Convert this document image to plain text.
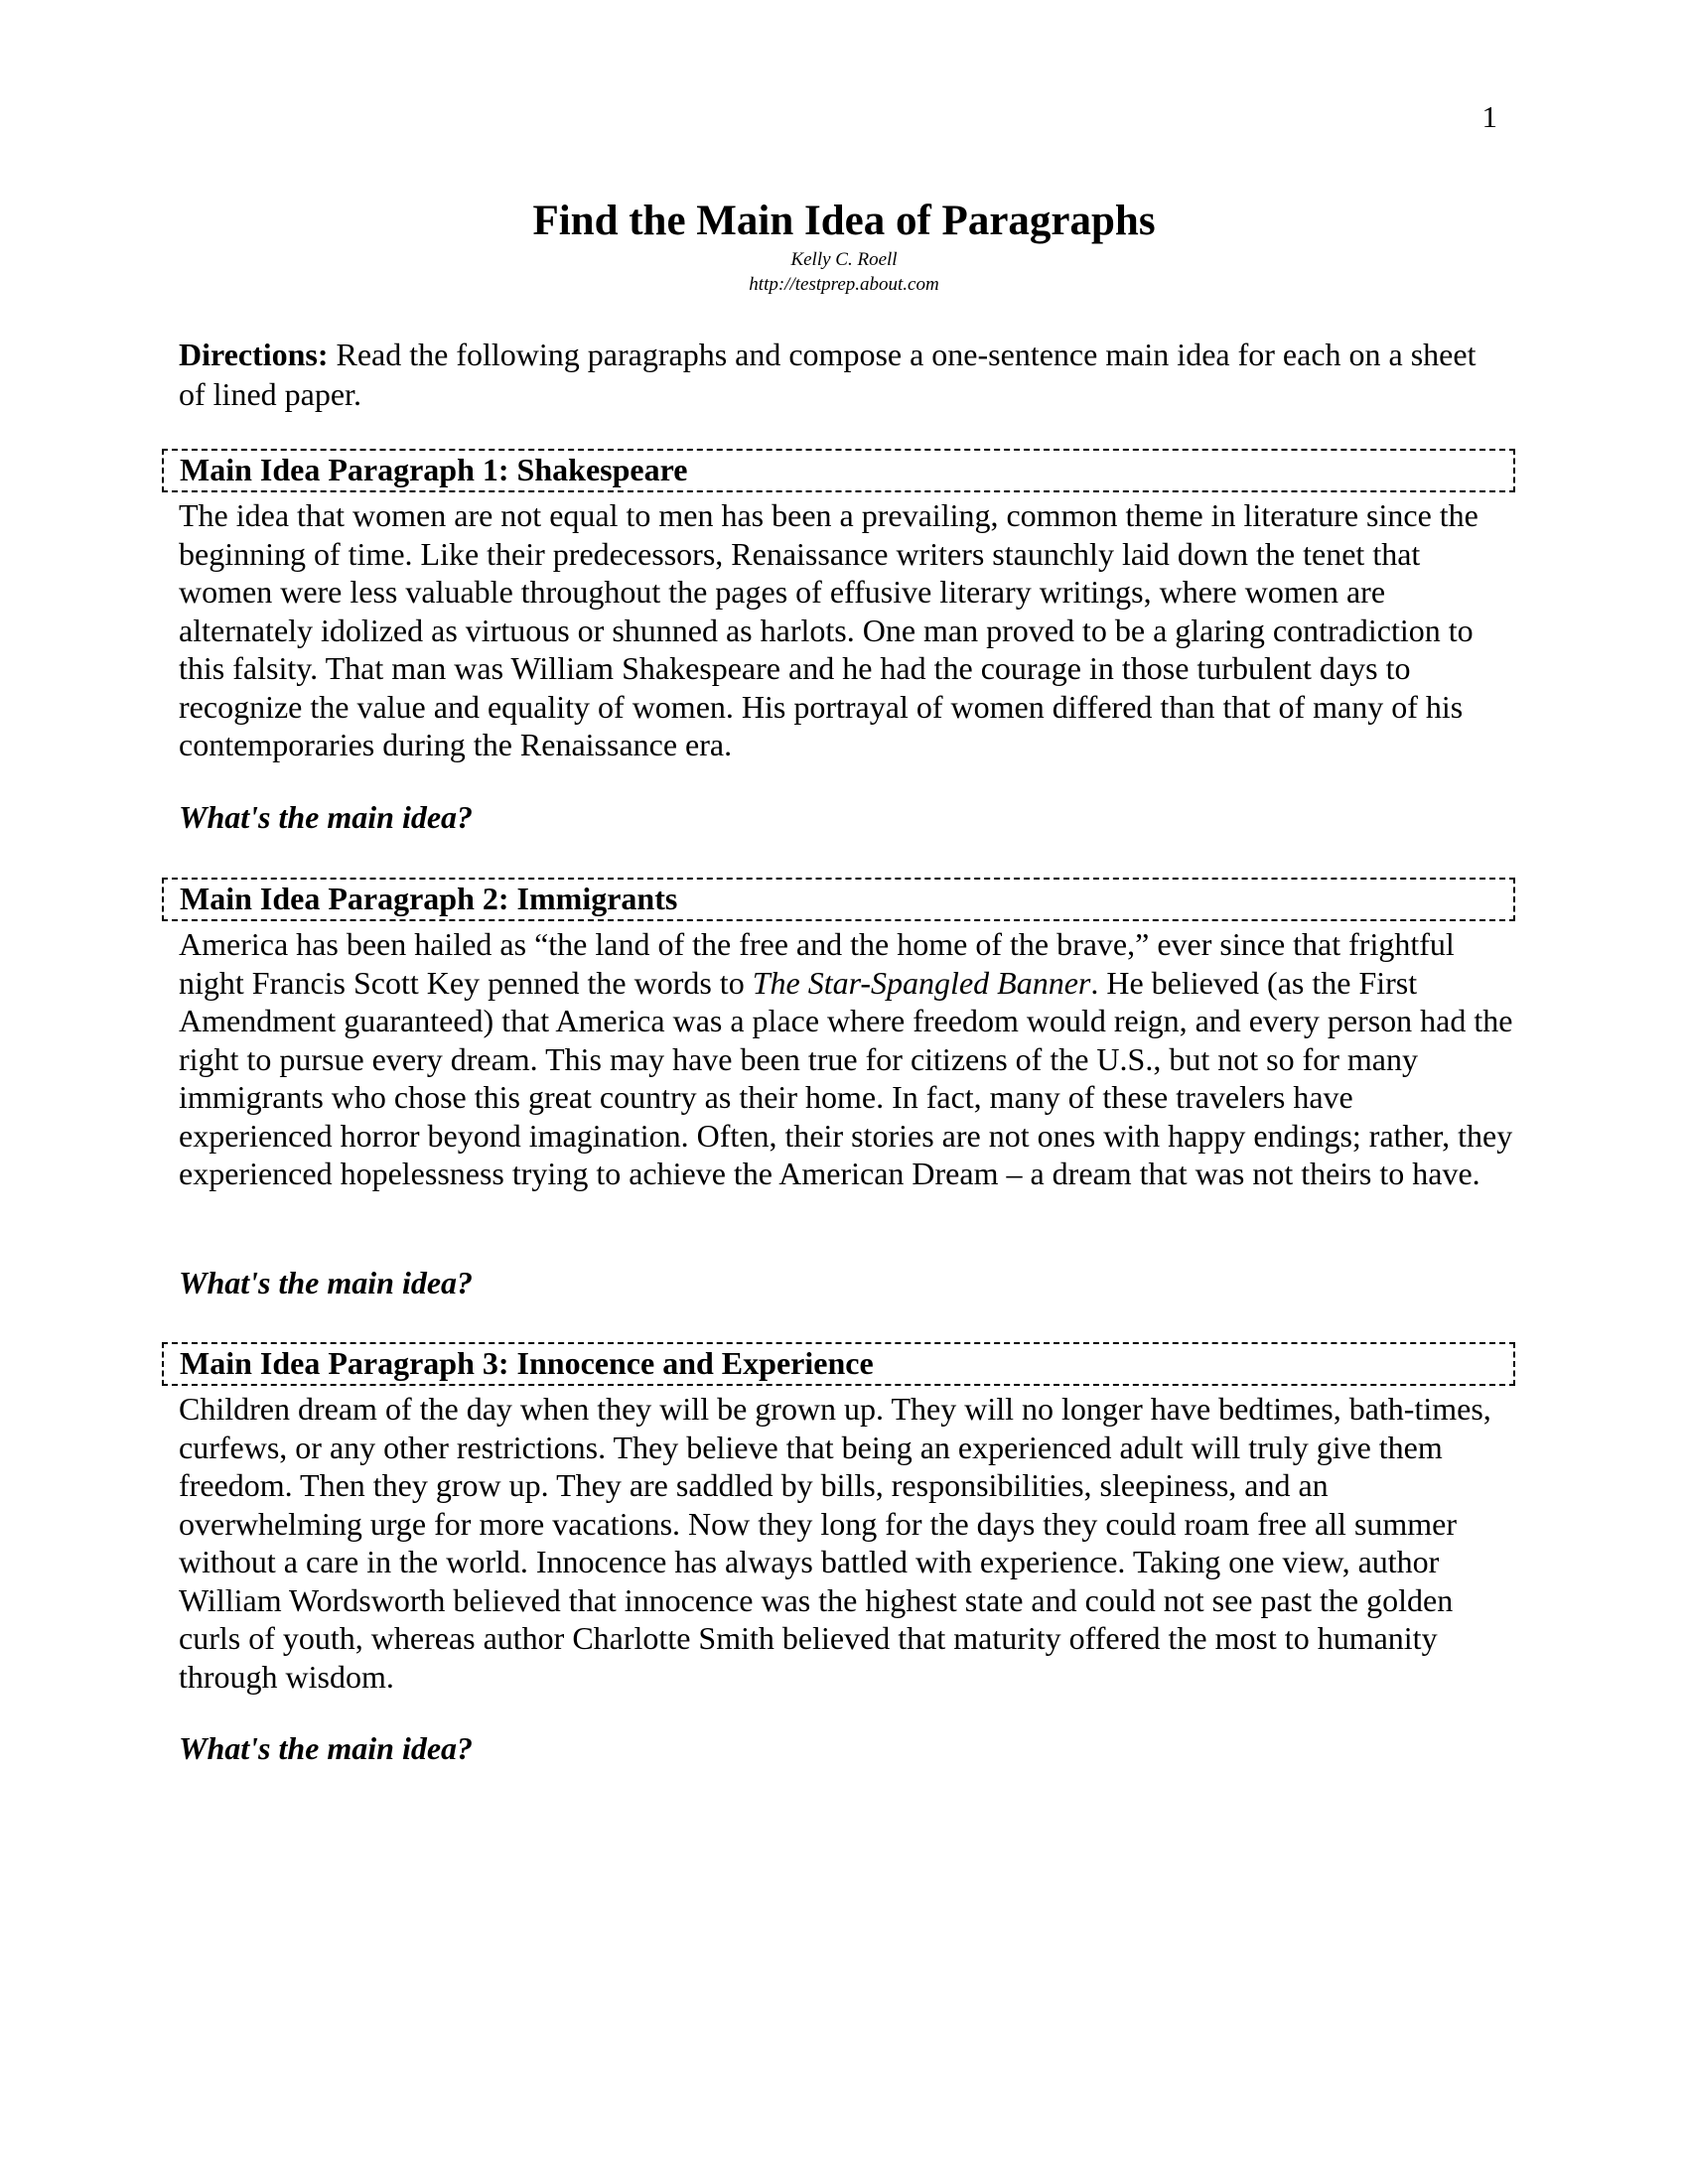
1
Find the Main Idea of Paragraphs
Kelly C. Roell
http://testprep.about.com

Directions: Read the following paragraphs and compose a one-sentence main idea for each on a sheet of lined paper.

Main Idea Paragraph 1: Shakespeare

The idea that women are not equal to men has been a prevailing, common theme in literature since the beginning of time. Like their predecessors, Renaissance writers staunchly laid down the tenet that women were less valuable throughout the pages of effusive literary writings, where women are alternately idolized as virtuous or shunned as harlots. One man proved to be a glaring contradiction to this falsity. That man was William Shakespeare and he had the courage in those turbulent days to recognize the value and equality of women. His portrayal of women differed than that of many of his contemporaries during the Renaissance era.

What's the main idea?

Main Idea Paragraph 2: Immigrants

America has been hailed as “the land of the free and the home of the brave,” ever since that frightful night Francis Scott Key penned the words to The Star-Spangled Banner. He believed (as the First Amendment guaranteed) that America was a place where freedom would reign, and every person had the right to pursue every dream. This may have been true for citizens of the U.S., but not so for many immigrants who chose this great country as their home. In fact, many of these travelers have experienced horror beyond imagination. Often, their stories are not ones with happy endings; rather, they experienced hopelessness trying to achieve the American Dream – a dream that was not theirs to have.

What's the main idea?

Main Idea Paragraph 3: Innocence and Experience

Children dream of the day when they will be grown up. They will no longer have bedtimes, bath-times, curfews, or any other restrictions. They believe that being an experienced adult will truly give them freedom. Then they grow up. They are saddled by bills, responsibilities, sleepiness, and an overwhelming urge for more vacations. Now they long for the days they could roam free all summer without a care in the world. Innocence has always battled with experience. Taking one view, author William Wordsworth believed that innocence was the highest state and could not see past the golden curls of youth, whereas author Charlotte Smith believed that maturity offered the most to humanity through wisdom.

What's the main idea?
